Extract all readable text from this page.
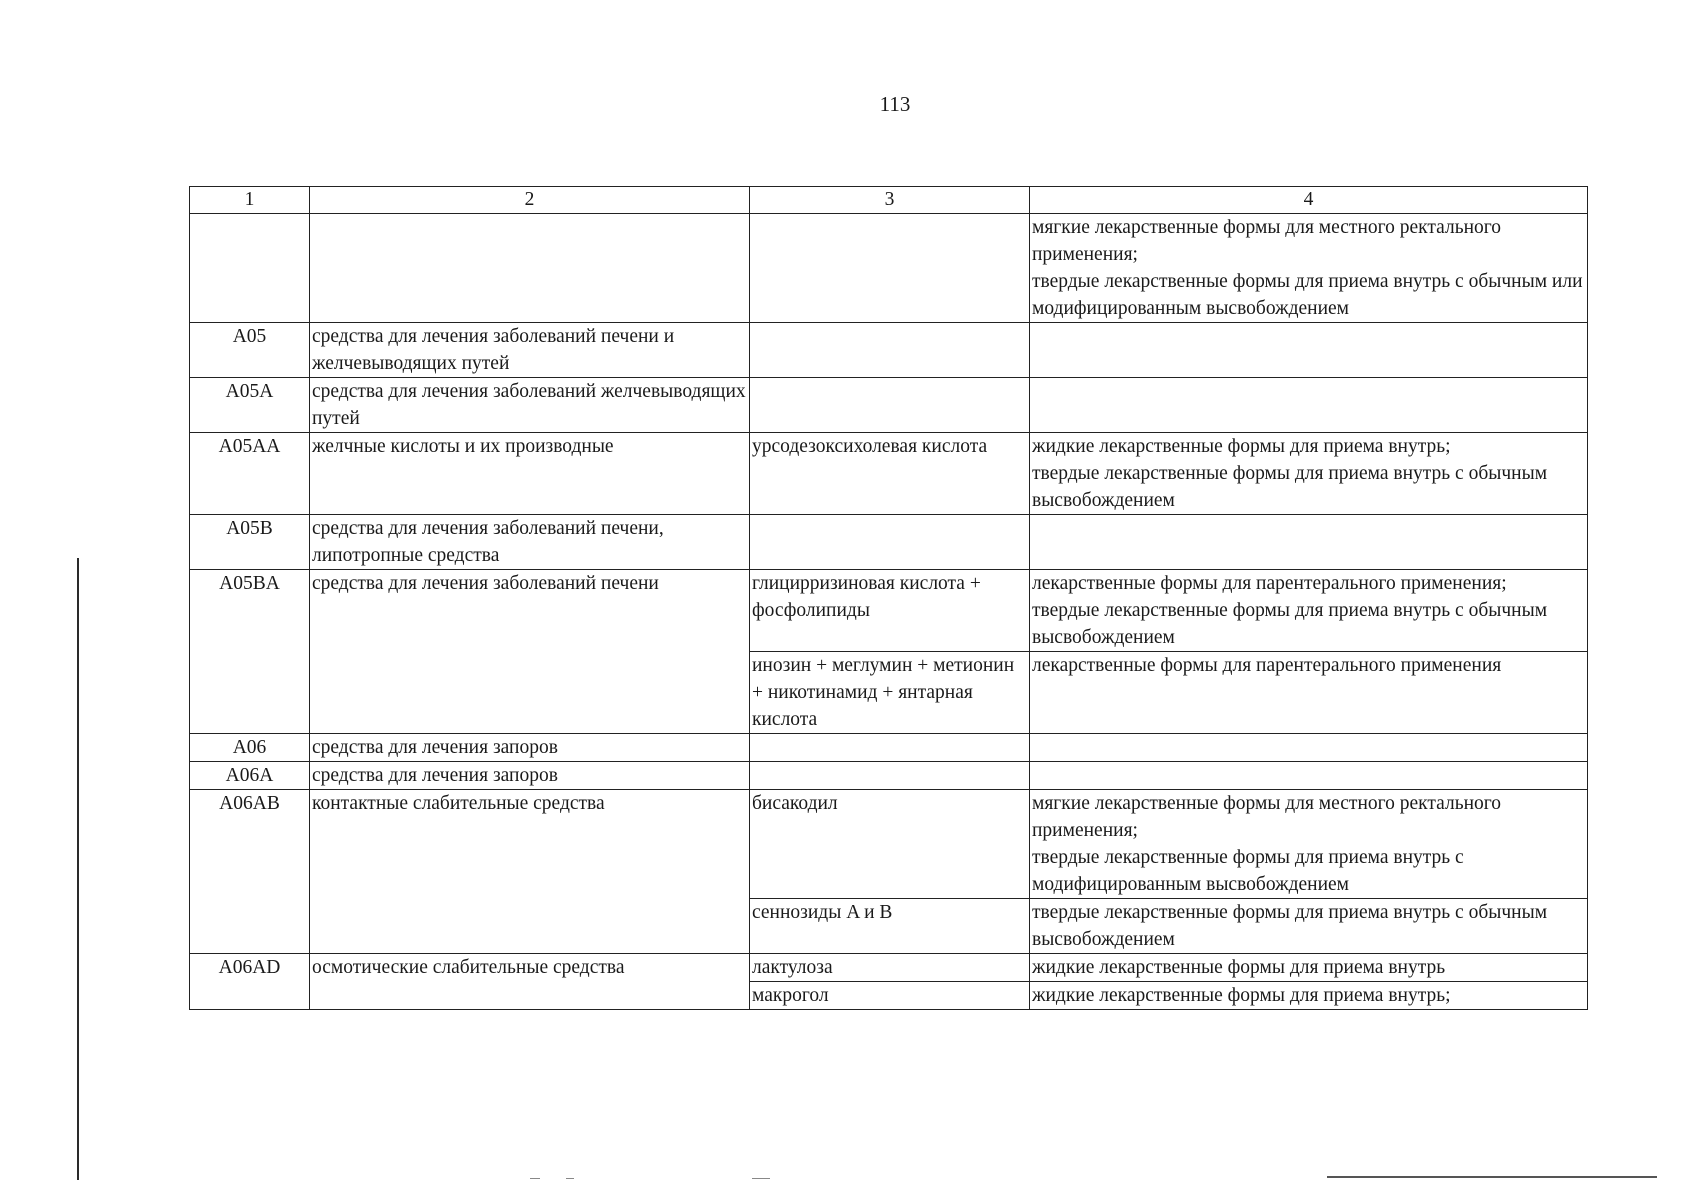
113
1	2	3	4

			мягкие лекарственные формы для местного ректального применения;
твердые лекарственные формы для приема внутрь с обычным или модифицированным высвобождением

A05	средства для лечения заболеваний печени и желчевыводящих путей		
A05A	средства для лечения заболеваний желчевыводящих путей		
A05AA	желчные кислоты и их производные	урсодезоксихолевая кислота	жидкие лекарственные формы для приема внутрь;
твердые лекарственные формы для приема внутрь с обычным высвобождением

A05B	средства для лечения заболеваний печени, липотропные средства		
A05BA	средства для лечения заболеваний печени	глицирризиновая кислота + фосфолипиды	лекарственные формы для парентерального применения;
твердые лекарственные формы для приема внутрь с обычным высвобождением

		инозин + меглумин + метионин + никотинамид + янтарная кислота	лекарственные формы для парентерального применения

A06	средства для лечения запоров		
A06A	средства для лечения запоров		
A06AB	контактные слабительные средства	бисакодил	мягкие лекарственные формы для местного ректального применения;
твердые лекарственные формы для приема внутрь с модифицированным высвобождением

		сеннозиды A и B	твердые лекарственные формы для приема внутрь с обычным высвобождением

A06AD	осмотические слабительные средства	лактулоза	жидкие лекарственные формы для приема внутрь

		макрогол	жидкие лекарственные формы для приема внутрь;
